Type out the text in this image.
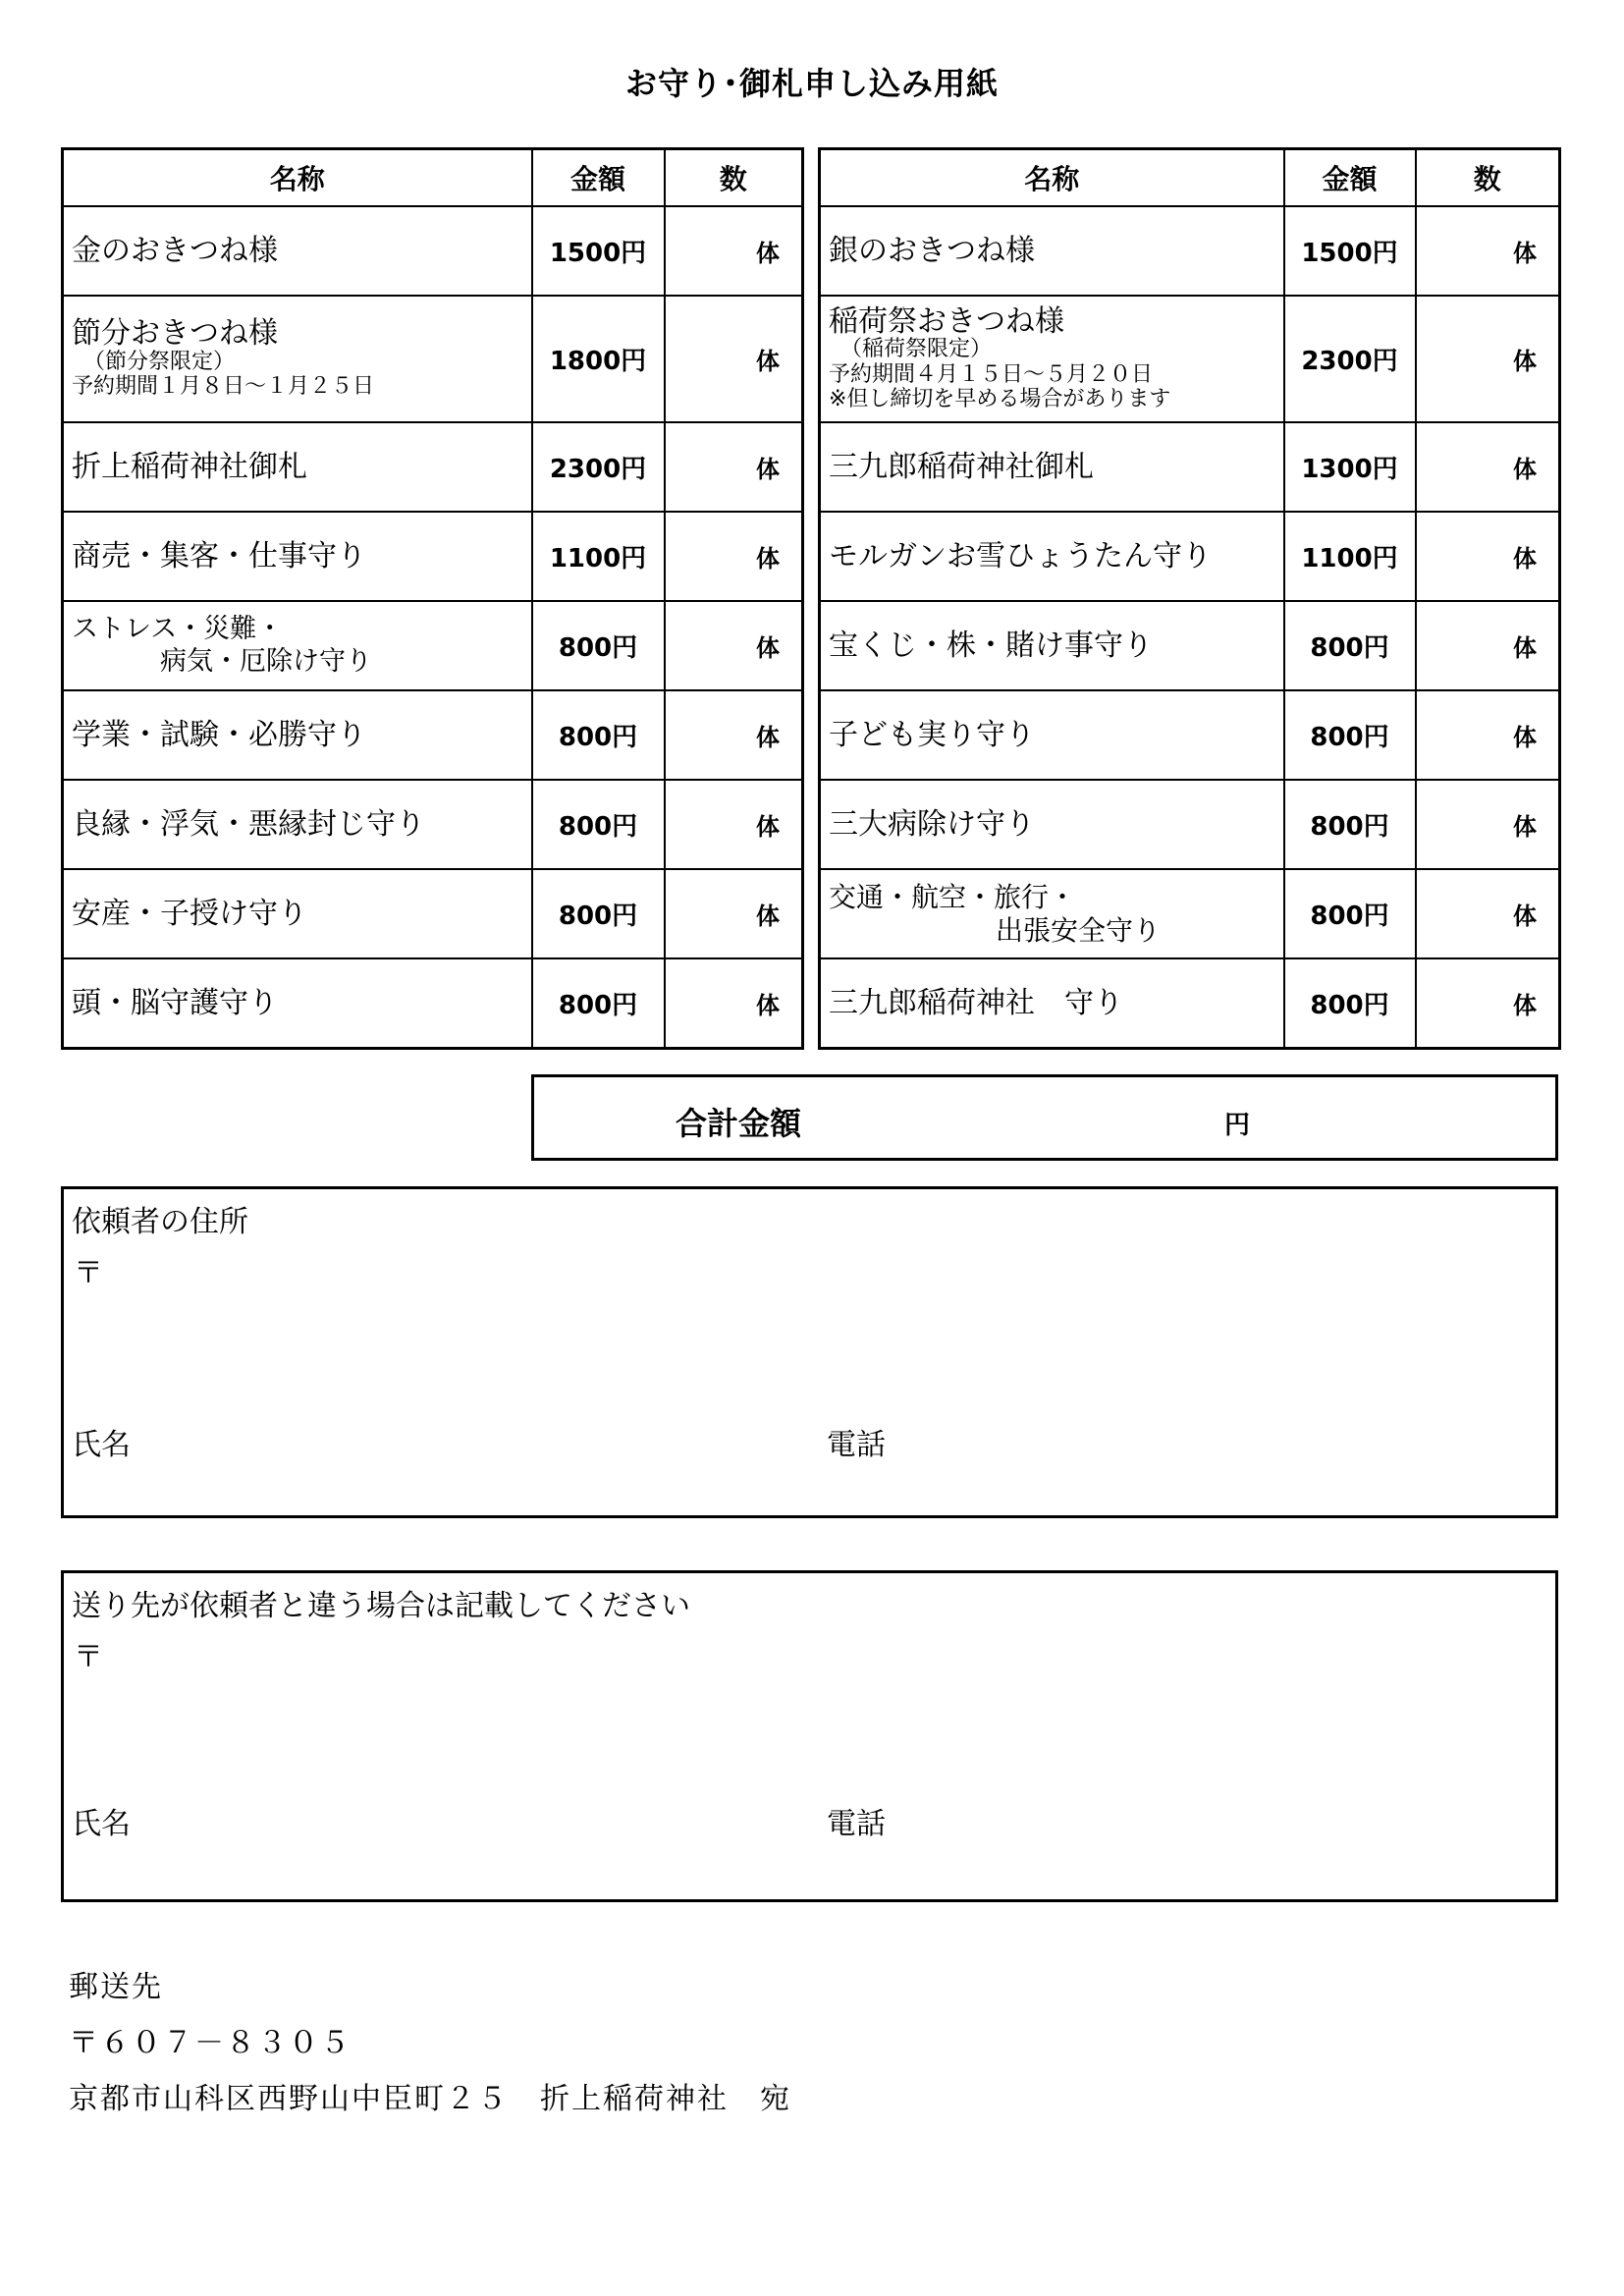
お守り･御札申し込み用紙
名称	金額	数
金のおきつね様	1500円	体

節分おきつね様
（節分祭限定）
予約期間１月８日～１月２５日	1800円	体
折上稲荷神社御札	2300円	体
商売・集客・仕事守り	1100円	体

ストレス・災難・
病気・厄除け守り	800円	体
学業・試験・必勝守り	800円	体
良縁・浮気・悪縁封じ守り	800円	体
安産・子授け守り	800円	体
頭・脳守護守り	800円	体
名称	金額	数
銀のおきつね様	1500円	体

稲荷祭おきつね様
（稲荷祭限定）
予約期間４月１５日～５月２０日
※但し締切を早める場合があります	2300円	体
三九郎稲荷神社御札	1300円	体
モルガンお雪ひょうたん守り	1100円	体
宝くじ・株・賭け事守り	800円	体
子ども実り守り	800円	体
三大病除け守り	800円	体

交通・航空・旅行・
出張安全守り	800円	体
三九郎稲荷神社　守り	800円	体
合計金額	円
依頼者の住所
〒
氏名	電話
送り先が依頼者と違う場合は記載してください
〒
氏名	電話
郵送先
〒６０７－８３０５
京都市山科区西野山中臣町２５　折上稲荷神社　宛
